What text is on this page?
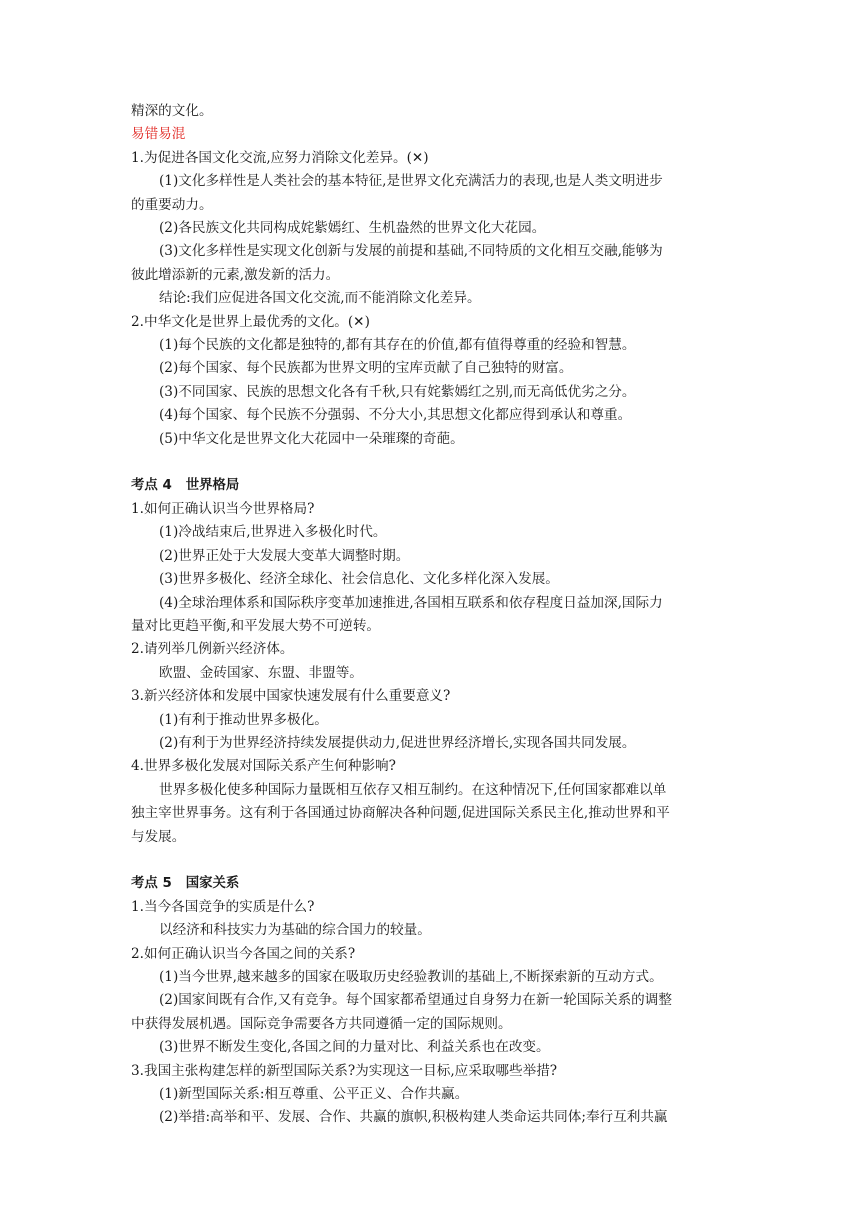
精深的文化。

易错易混

1.为促进各国文化交流,应努力消除文化差异。(✕)

(1)文化多样性是人类社会的基本特征,是世界文化充满活力的表现,也是人类文明进步

的重要动力。

(2)各民族文化共同构成姹紫嫣红、生机盎然的世界文化大花园。

(3)文化多样性是实现文化创新与发展的前提和基础,不同特质的文化相互交融,能够为

彼此增添新的元素,激发新的活力。

结论:我们应促进各国文化交流,而不能消除文化差异。

2.中华文化是世界上最优秀的文化。(✕)

(1)每个民族的文化都是独特的,都有其存在的价值,都有值得尊重的经验和智慧。

(2)每个国家、每个民族都为世界文明的宝库贡献了自己独特的财富。

(3)不同国家、民族的思想文化各有千秋,只有姹紫嫣红之别,而无高低优劣之分。

(4)每个国家、每个民族不分强弱、不分大小,其思想文化都应得到承认和尊重。

(5)中华文化是世界文化大花园中一朵璀璨的奇葩。

考点 4 世界格局

1.如何正确认识当今世界格局?

(1)冷战结束后,世界进入多极化时代。

(2)世界正处于大发展大变革大调整时期。

(3)世界多极化、经济全球化、社会信息化、文化多样化深入发展。

(4)全球治理体系和国际秩序变革加速推进,各国相互联系和依存程度日益加深,国际力

量对比更趋平衡,和平发展大势不可逆转。

2.请列举几例新兴经济体。

欧盟、金砖国家、东盟、非盟等。

3.新兴经济体和发展中国家快速发展有什么重要意义?

(1)有利于推动世界多极化。

(2)有利于为世界经济持续发展提供动力,促进世界经济增长,实现各国共同发展。

4.世界多极化发展对国际关系产生何种影响?

世界多极化使多种国际力量既相互依存又相互制约。在这种情况下,任何国家都难以单

独主宰世界事务。这有利于各国通过协商解决各种问题,促进国际关系民主化,推动世界和平

与发展。

考点 5 国家关系

1.当今各国竞争的实质是什么?

以经济和科技实力为基础的综合国力的较量。

2.如何正确认识当今各国之间的关系?

(1)当今世界,越来越多的国家在吸取历史经验教训的基础上,不断探索新的互动方式。

(2)国家间既有合作,又有竞争。每个国家都希望通过自身努力在新一轮国际关系的调整

中获得发展机遇。国际竞争需要各方共同遵循一定的国际规则。

(3)世界不断发生变化,各国之间的力量对比、利益关系也在改变。

3.我国主张构建怎样的新型国际关系?为实现这一目标,应采取哪些举措?

(1)新型国际关系:相互尊重、公平正义、合作共赢。

(2)举措:高举和平、发展、合作、共赢的旗帜,积极构建人类命运共同体;奉行互利共赢
